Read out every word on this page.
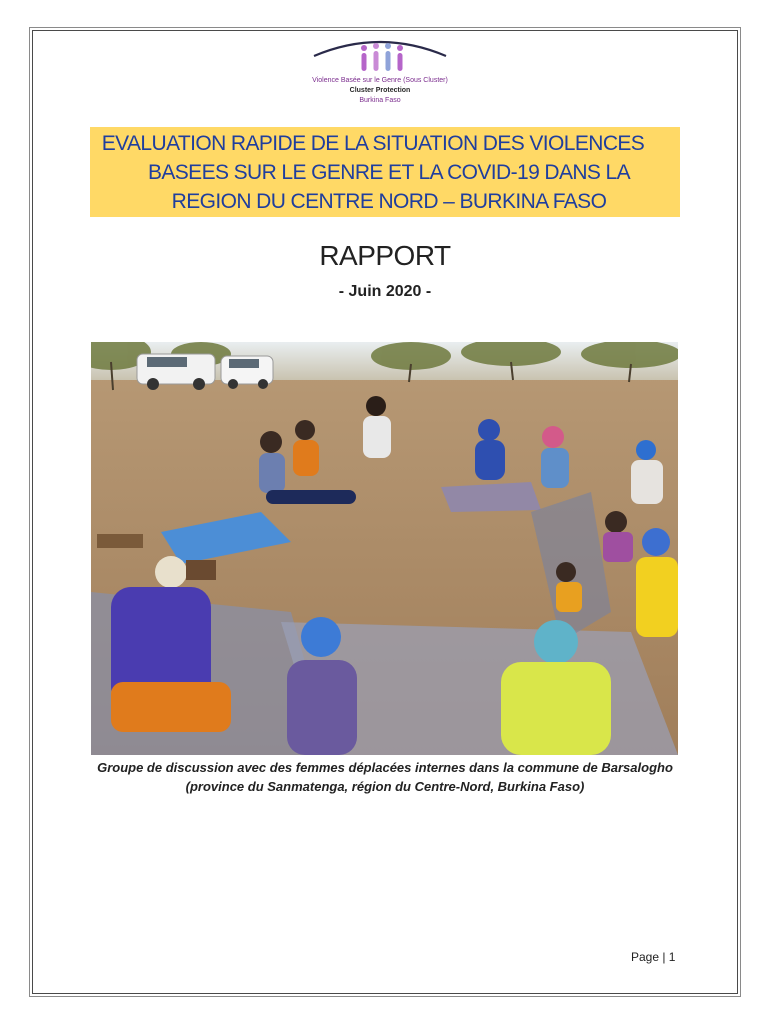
Violence Basée sur le Genre (Sous Cluster)
Cluster Protection
Burkina Faso
EVALUATION RAPIDE DE LA SITUATION DES VIOLENCES
BASEES SUR LE GENRE ET LA COVID-19 DANS LA
REGION DU CENTRE NORD – BURKINA FASO
RAPPORT
- Juin 2020 -
Groupe de discussion avec des femmes déplacées internes dans la commune de Barsalogho
(province du Sanmatenga, région du Centre-Nord, Burkina Faso)
Page | 1
